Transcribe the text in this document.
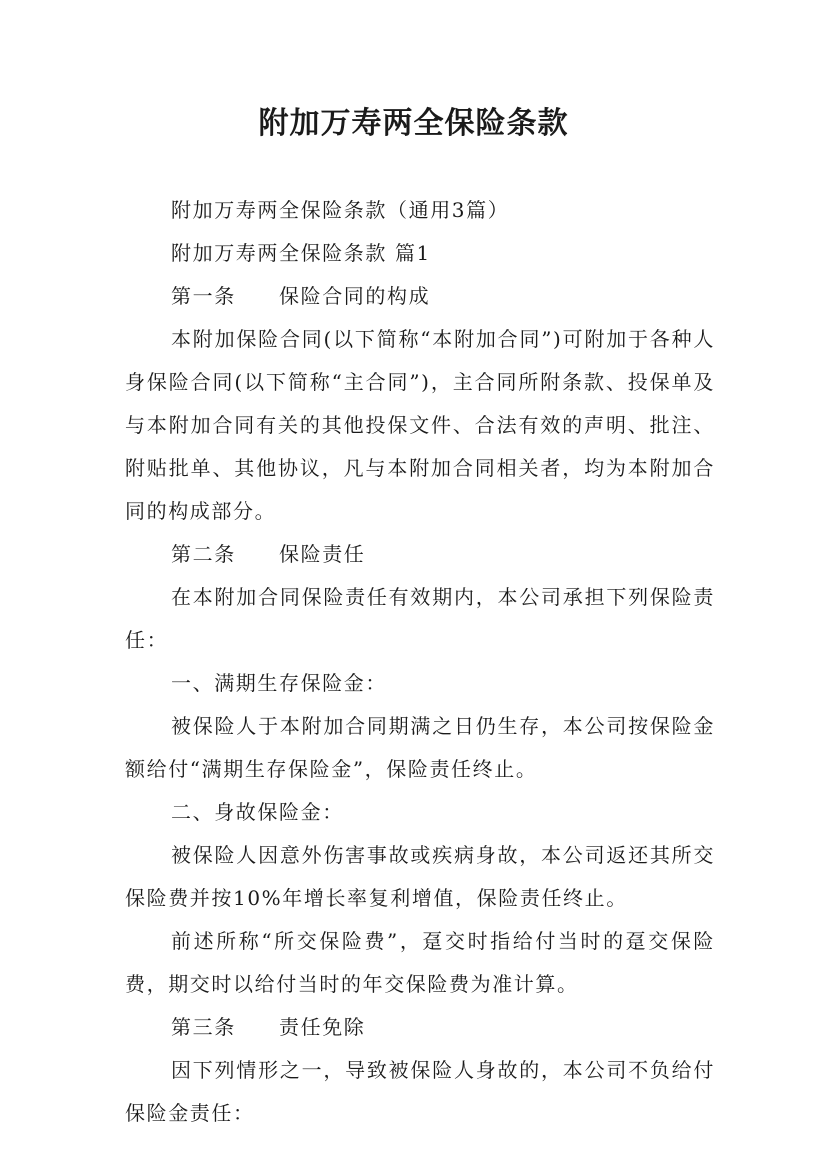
附加万寿两全保险条款

附加万寿两全保险条款（通用3篇）

附加万寿两全保险条款 篇1

第一条　　保险合同的构成

本附加保险合同(以下简称“本附加合同”)可附加于各种人身保险合同(以下简称“主合同”)，主合同所附条款、投保单及与本附加合同有关的其他投保文件、合法有效的声明、批注、附贴批单、其他协议，凡与本附加合同相关者，均为本附加合同的构成部分。

第二条　　保险责任

在本附加合同保险责任有效期内，本公司承担下列保险责任：

一、满期生存保险金：

被保险人于本附加合同期满之日仍生存，本公司按保险金额给付“满期生存保险金”，保险责任终止。

二、身故保险金：

被保险人因意外伤害事故或疾病身故，本公司返还其所交保险费并按10%年增长率复利增值，保险责任终止。

前述所称“所交保险费”，趸交时指给付当时的趸交保险费，期交时以给付当时的年交保险费为准计算。

第三条　　责任免除

因下列情形之一，导致被保险人身故的，本公司不负给付保险金责任：
